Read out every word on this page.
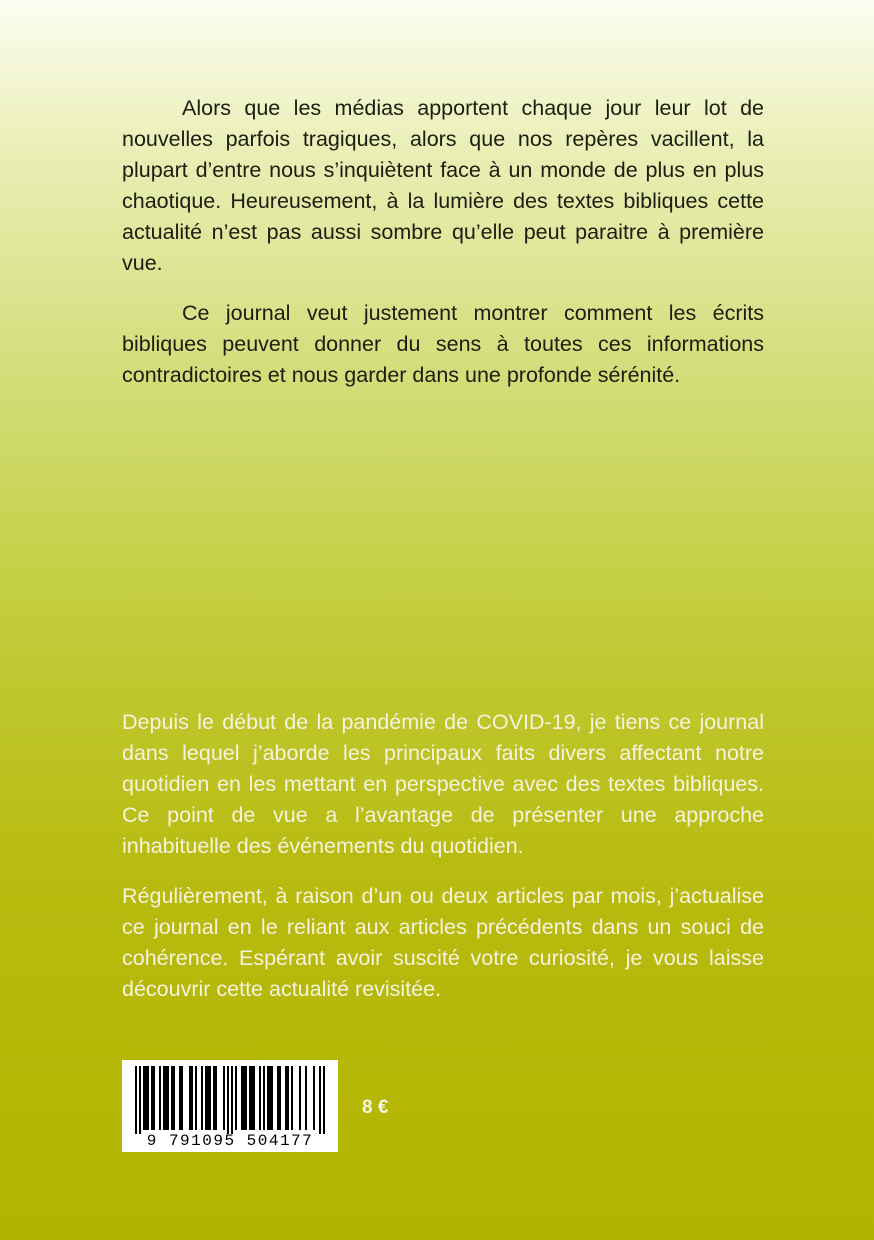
Alors que les médias apportent chaque jour leur lot de nouvelles parfois tragiques, alors que nos repères vacillent, la plupart d’entre nous s’inquiètent face à un monde de plus en plus chaotique. Heureusement, à la lumière des textes bibliques cette actualité n’est pas aussi sombre qu’elle peut paraitre à première vue.

Ce journal veut justement montrer comment les écrits bibliques peuvent donner du sens à toutes ces informations contradictoires et nous garder dans une profonde sérénité.

Depuis le début de la pandémie de COVID-19, je tiens ce journal dans lequel j’aborde les principaux faits divers affectant notre quotidien en les mettant en perspective avec des textes bibliques. Ce point de vue a l’avantage de présenter une approche inhabituelle des événements du quotidien.

Régulièrement, à raison d’un ou deux articles par mois, j’actualise ce journal en le reliant aux articles précédents dans un souci de cohérence. Espérant avoir suscité votre curiosité, je vous laisse découvrir cette actualité revisitée.

9 791095 504177
8 €
